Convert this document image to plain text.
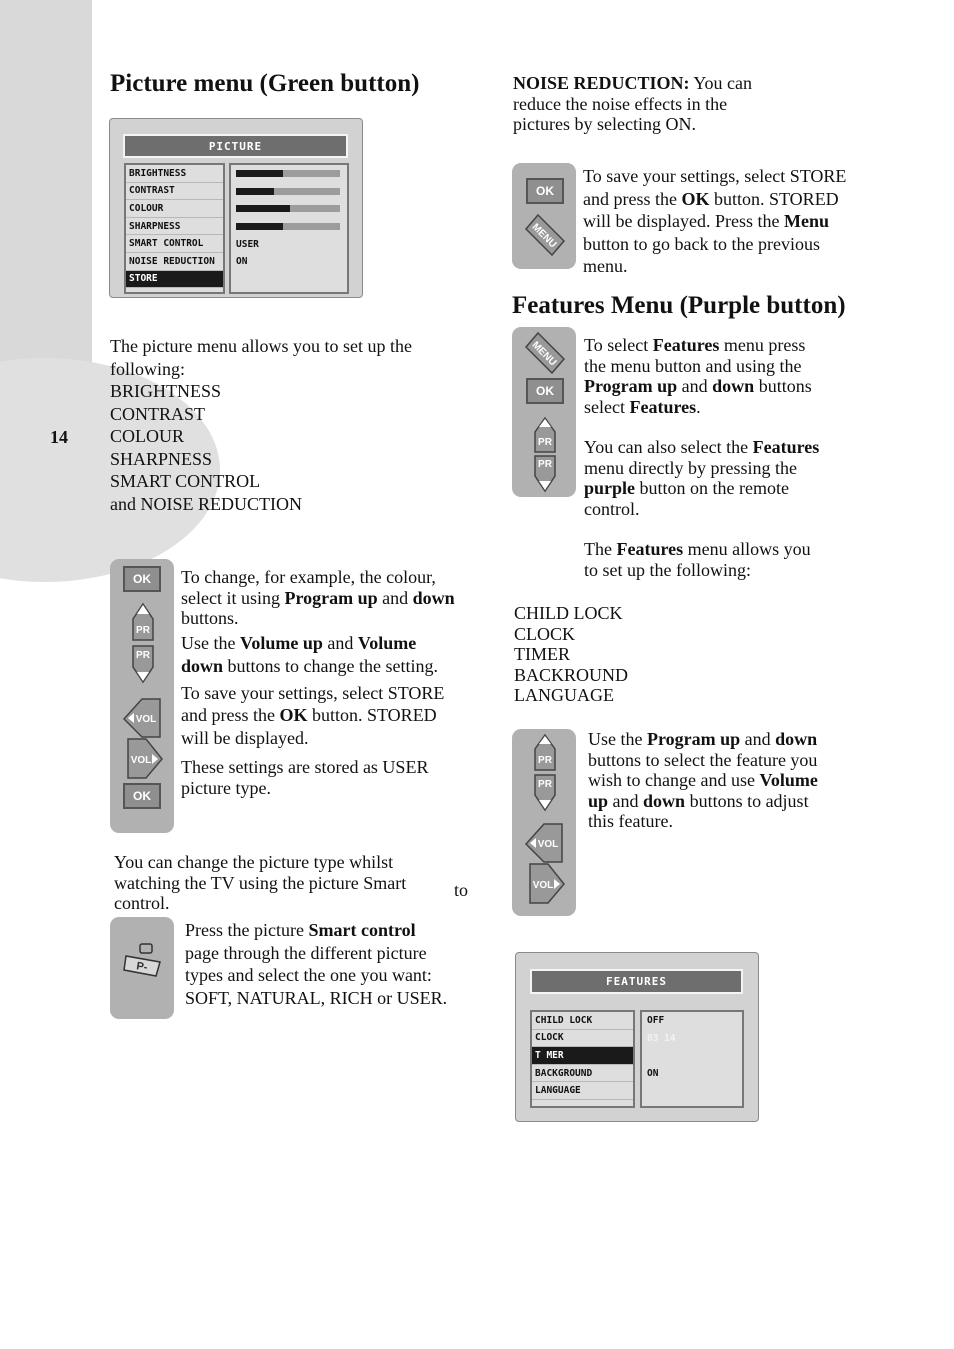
14
Picture menu (Green button)
PICTURE
BRIGHTNESS
CONTRAST
COLOUR
SHARPNESS
SMART CONTROL
NOISE REDUCTION
STORE
USER
ON
The picture menu allows you to set up the
following:
BRIGHTNESS
CONTRAST
COLOUR
SHARPNESS
SMART CONTROL
and NOISE REDUCTION
OK
PR
PR
VOL
VOL
OK
To change, for example, the colour,
select it using Program up and down
buttons.
Use the Volume up and Volume
down buttons to change the setting.
To save your settings, select STORE
and press the OK button. STORED
will be displayed.
These settings are stored as USER
picture type.
You can change the picture type whilst
watching the TV using the picture Smart
control.
to
P-
Press the picture Smart control
page through the different picture
types and select the one you want:
SOFT, NATURAL, RICH or USER.
NOISE REDUCTION: You can
reduce the noise effects in the
pictures by selecting ON.
OK
MENU
To save your settings, select STORE
and press the OK button. STORED
will be displayed. Press the Menu
button to go back to the previous
menu.
Features Menu (Purple button)
MENU
OK
PR
PR
To select Features menu press
the menu button and using the
Program up and down buttons
select Features.
You can also select the Features
menu directly by pressing the
purple button on the remote
control.
The Features menu allows you
to set up the following:
CHILD LOCK
CLOCK
TIMER
BACKROUND
LANGUAGE
PR
PR
VOL
VOL
Use the Program up and down
buttons to select the feature you
wish to change and use Volume
up and down buttons to adjust
this feature.
FEATURES
CHILD LOCK
CLOCK
T MER
BACKGROUND
LANGUAGE
OFF
03 14
ON
